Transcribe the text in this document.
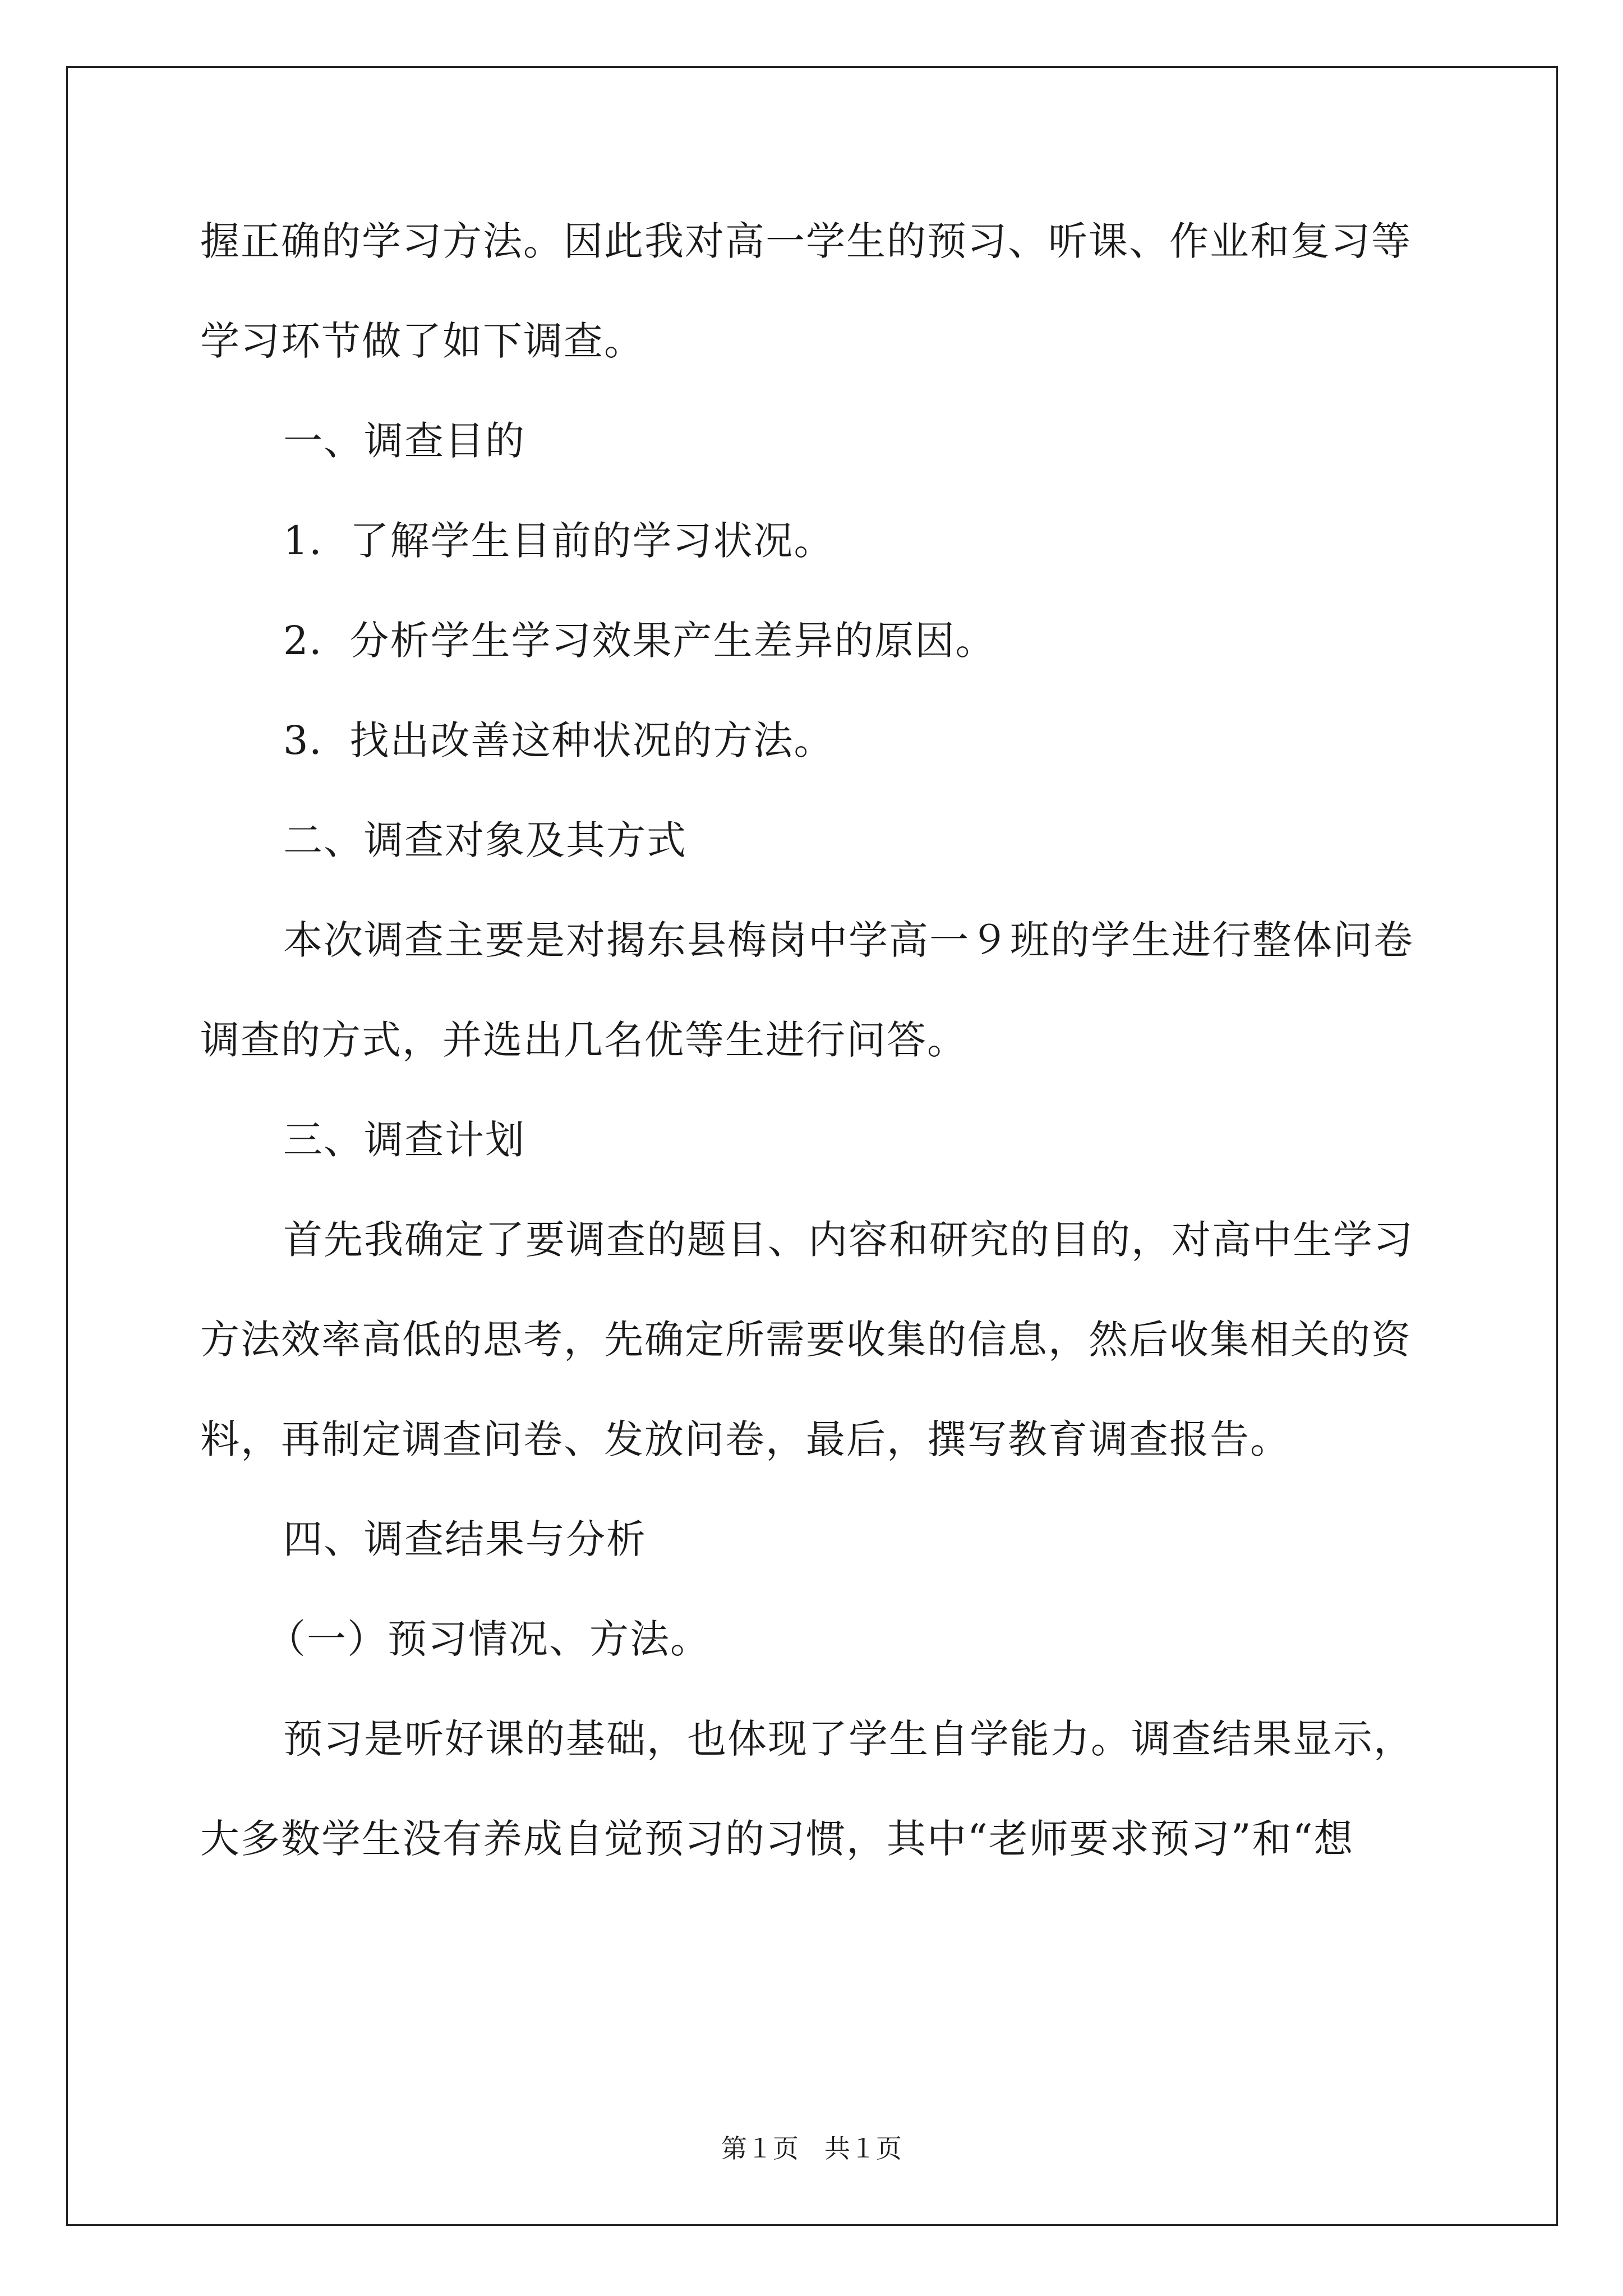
握正确的学习方法。因此我对高一学生的预习、听课、作业和复习等
学习环节做了如下调查。
一、调查目的
1．了解学生目前的学习状况。
2．分析学生学习效果产生差异的原因。
3．找出改善这种状况的方法。
二、调查对象及其方式
本次调查主要是对揭东县梅岗中学高一９班的学生进行整体问卷
调查的方式，并选出几名优等生进行问答。
三、调查计划
首先我确定了要调查的题目、内容和研究的目的，对高中生学习
方法效率高低的思考，先确定所需要收集的信息，然后收集相关的资
料，再制定调查问卷、发放问卷，最后，撰写教育调查报告。
四、调查结果与分析
（一）预习情况、方法。
预习是听好课的基础，也体现了学生自学能力。调查结果显示，
大多数学生没有养成自觉预习的习惯，其中“老师要求预习”和“想
第１页　共１页
